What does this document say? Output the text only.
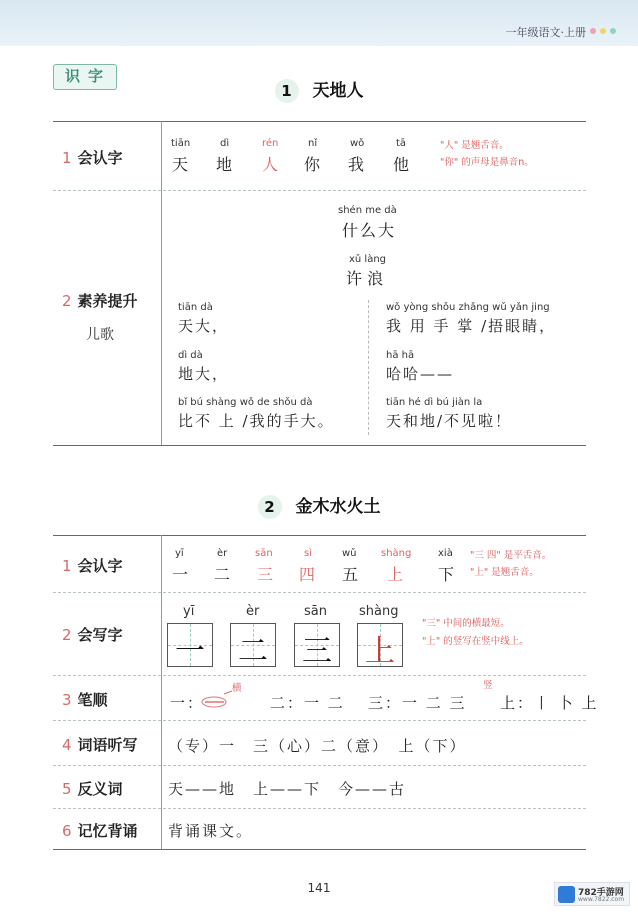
一年级语文·上册
识字
1 天地人
1 会认字
tiān
天
dì
地
rén
人
nǐ
你
wǒ
我
tā
他
"人" 是翘舌音。
"你" 的声母是鼻音n。
2 素养提升
儿歌
shén me dà
什么大
xǔ làng
许 浪
tiān dà
天大，
dì dà
地大，
bǐ bú shàng wǒ de shǒu dà
比不 上 /我的手大。
wǒ yòng shǒu zhǎng wǔ yǎn jing
我 用 手 掌 /捂眼睛，
hā hā
哈哈——
tiān hé dì bú jiàn la
天和地/不见啦！
2 金木水火土
1 会认字
yī
一
èr
二
sān
三
sì
四
wǔ
五
shàng
上
xià
下
"三 四" 是平舌音。
"上" 是翘舌音。
2 会写字
yī
一
èr
二
sān
三
shàng
上
"三" 中间的横最短。
"上" 的竖写在竖中线上。
3 笔顺	一：
横
二：一 二 三：一 二 三
竖
上：丨 卜 上
4 词语听写 （专）一　三（心）二（意）　上（下）
5 反义词	天——地　上——下　今——古
6 记忆背诵 背诵课文。
141	782手游网
www.7822.com
